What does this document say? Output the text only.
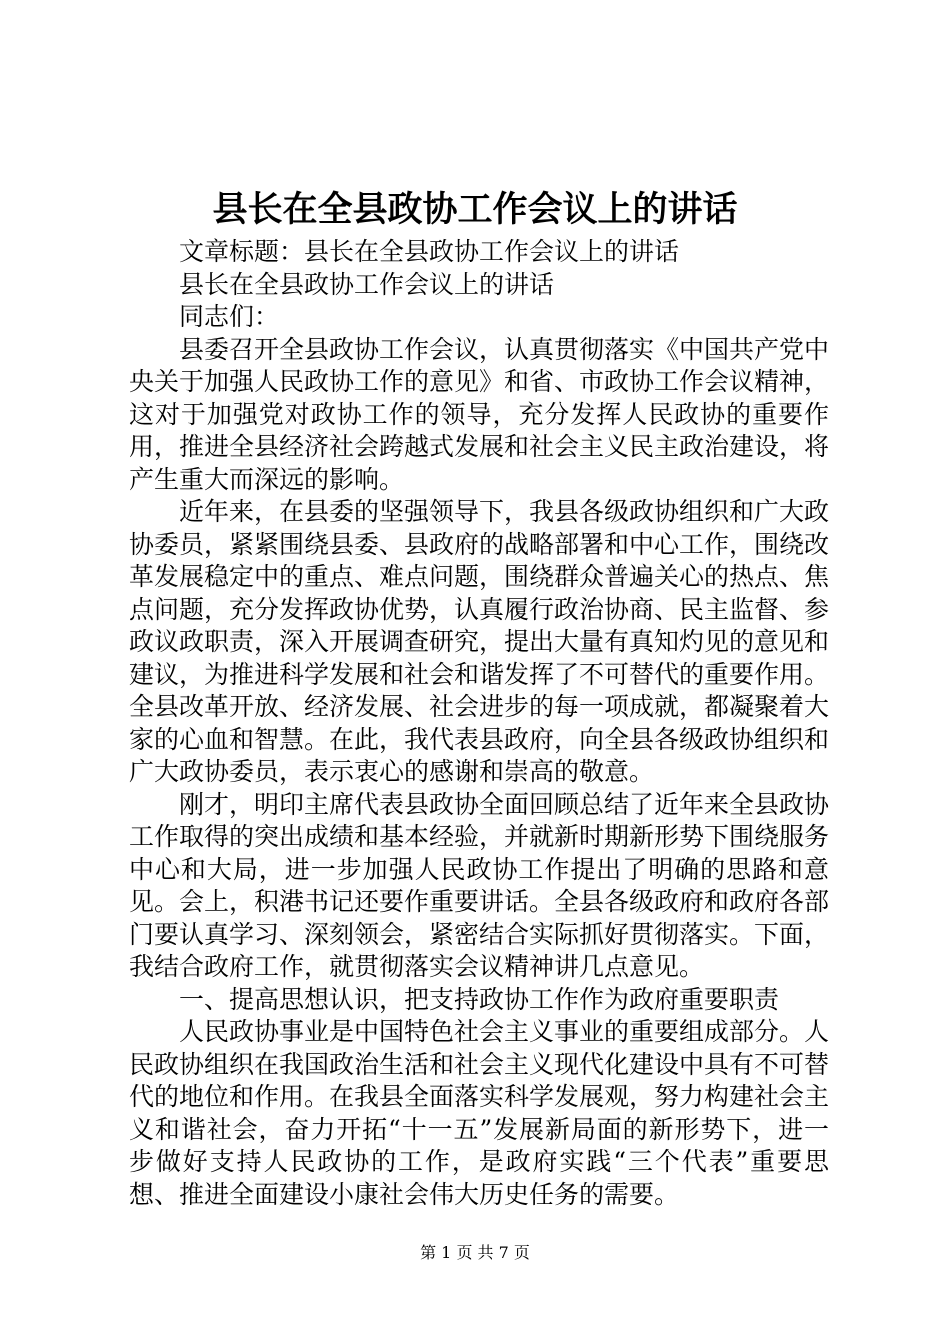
县长在全县政协工作会议上的讲话

文章标题：县长在全县政协工作会议上的讲话

县长在全县政协工作会议上的讲话

同志们：

县委召开全县政协工作会议，认真贯彻落实《中国共产党中央关于加强人民政协工作的意见》和省、市政协工作会议精神，这对于加强党对政协工作的领导，充分发挥人民政协的重要作用，推进全县经济社会跨越式发展和社会主义民主政治建设，将产生重大而深远的影响。

近年来，在县委的坚强领导下，我县各级政协组织和广大政协委员，紧紧围绕县委、县政府的战略部署和中心工作，围绕改革发展稳定中的重点、难点问题，围绕群众普遍关心的热点、焦点问题，充分发挥政协优势，认真履行政治协商、民主监督、参政议政职责，深入开展调查研究，提出大量有真知灼见的意见和建议，为推进科学发展和社会和谐发挥了不可替代的重要作用。全县改革开放、经济发展、社会进步的每一项成就，都凝聚着大家的心血和智慧。在此，我代表县政府，向全县各级政协组织和广大政协委员，表示衷心的感谢和崇高的敬意。

刚才，明印主席代表县政协全面回顾总结了近年来全县政协工作取得的突出成绩和基本经验，并就新时期新形势下围绕服务中心和大局，进一步加强人民政协工作提出了明确的思路和意见。会上，积港书记还要作重要讲话。全县各级政府和政府各部门要认真学习、深刻领会，紧密结合实际抓好贯彻落实。下面，我结合政府工作，就贯彻落实会议精神讲几点意见。

一、提高思想认识，把支持政协工作作为政府重要职责

人民政协事业是中国特色社会主义事业的重要组成部分。人民政协组织在我国政治生活和社会主义现代化建设中具有不可替代的地位和作用。在我县全面落实科学发展观，努力构建社会主义和谐社会，奋力开拓“十一五”发展新局面的新形势下，进一步做好支持人民政协的工作，是政府实践“三个代表”重要思想、推进全面建设小康社会伟大历史任务的需要。

第 1 页 共 7 页
